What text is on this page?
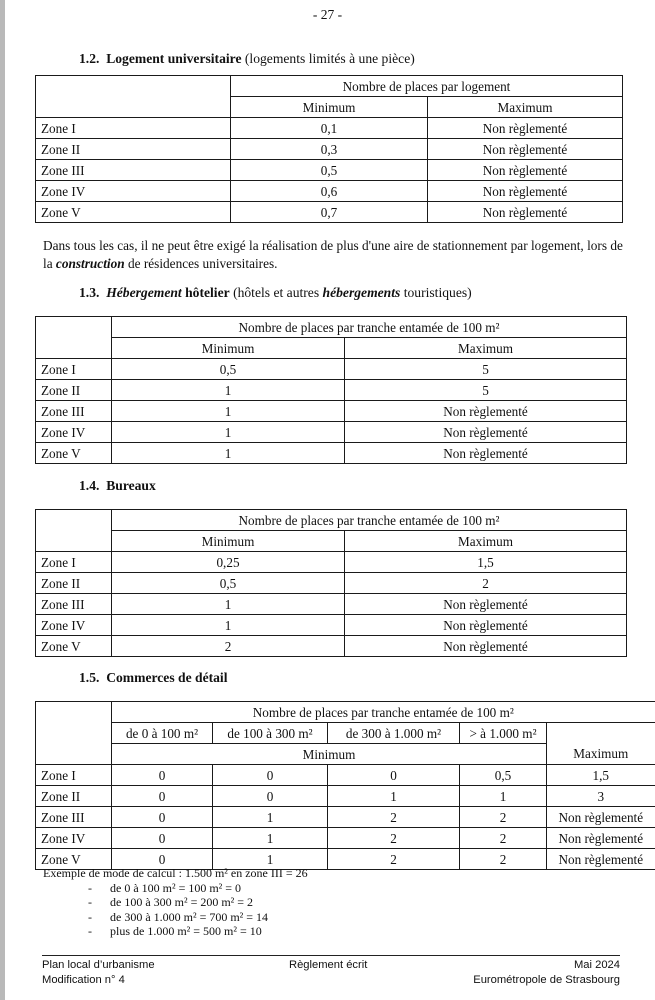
- 27 -
1.2. Logement universitaire (logements limités à une pièce)
	Nombre de places par logement	
	Minimum	Maximum
Zone I	0,1	Non règlementé
Zone II	0,3	Non règlementé
Zone III	0,5	Non règlementé
Zone IV	0,6	Non règlementé
Zone V	0,7	Non règlementé
Dans tous les cas, il ne peut être exigé la réalisation de plus d'une aire de stationnement par logement, lors de la construction de résidences universitaires.
1.3. Hébergement hôtelier (hôtels et autres hébergements touristiques)
	Nombre de places par tranche entamée de 100 m²	
	Minimum	Maximum
Zone I	0,5	5
Zone II	1	5
Zone III	1	Non règlementé
Zone IV	1	Non règlementé
Zone V	1	Non règlementé
1.4. Bureaux
	Nombre de places par tranche entamée de 100 m²	
	Minimum	Maximum
Zone I	0,25	1,5
Zone II	0,5	2
Zone III	1	Non règlementé
Zone IV	1	Non règlementé
Zone V	2	Non règlementé
1.5. Commerces de détail
	Nombre de places par tranche entamée de 100 m²				
	de 0 à 100 m²	de 100 à 300 m²	de 300 à 1.000 m²	> à 1.000 m²	
	Minimum				Maximum
Zone I	0	0	0	0,5	1,5
Zone II	0	0	1	1	3
Zone III	0	1	2	2	Non règlementé
Zone IV	0	1	2	2	Non règlementé
Zone V	0	1	2	2	Non règlementé
Exemple de mode de calcul : 1.500 m² en zone III = 26
- de 0 à 100 m² = 100 m² = 0
- de 100 à 300 m² = 200 m² = 2
- de 300 à 1.000 m² = 700 m² = 14
- plus de 1.000 m² = 500 m² = 10
Plan local d’urbanisme
Modification n° 4
Règlement écrit	Mai 2024
Eurométropole de Strasbourg
